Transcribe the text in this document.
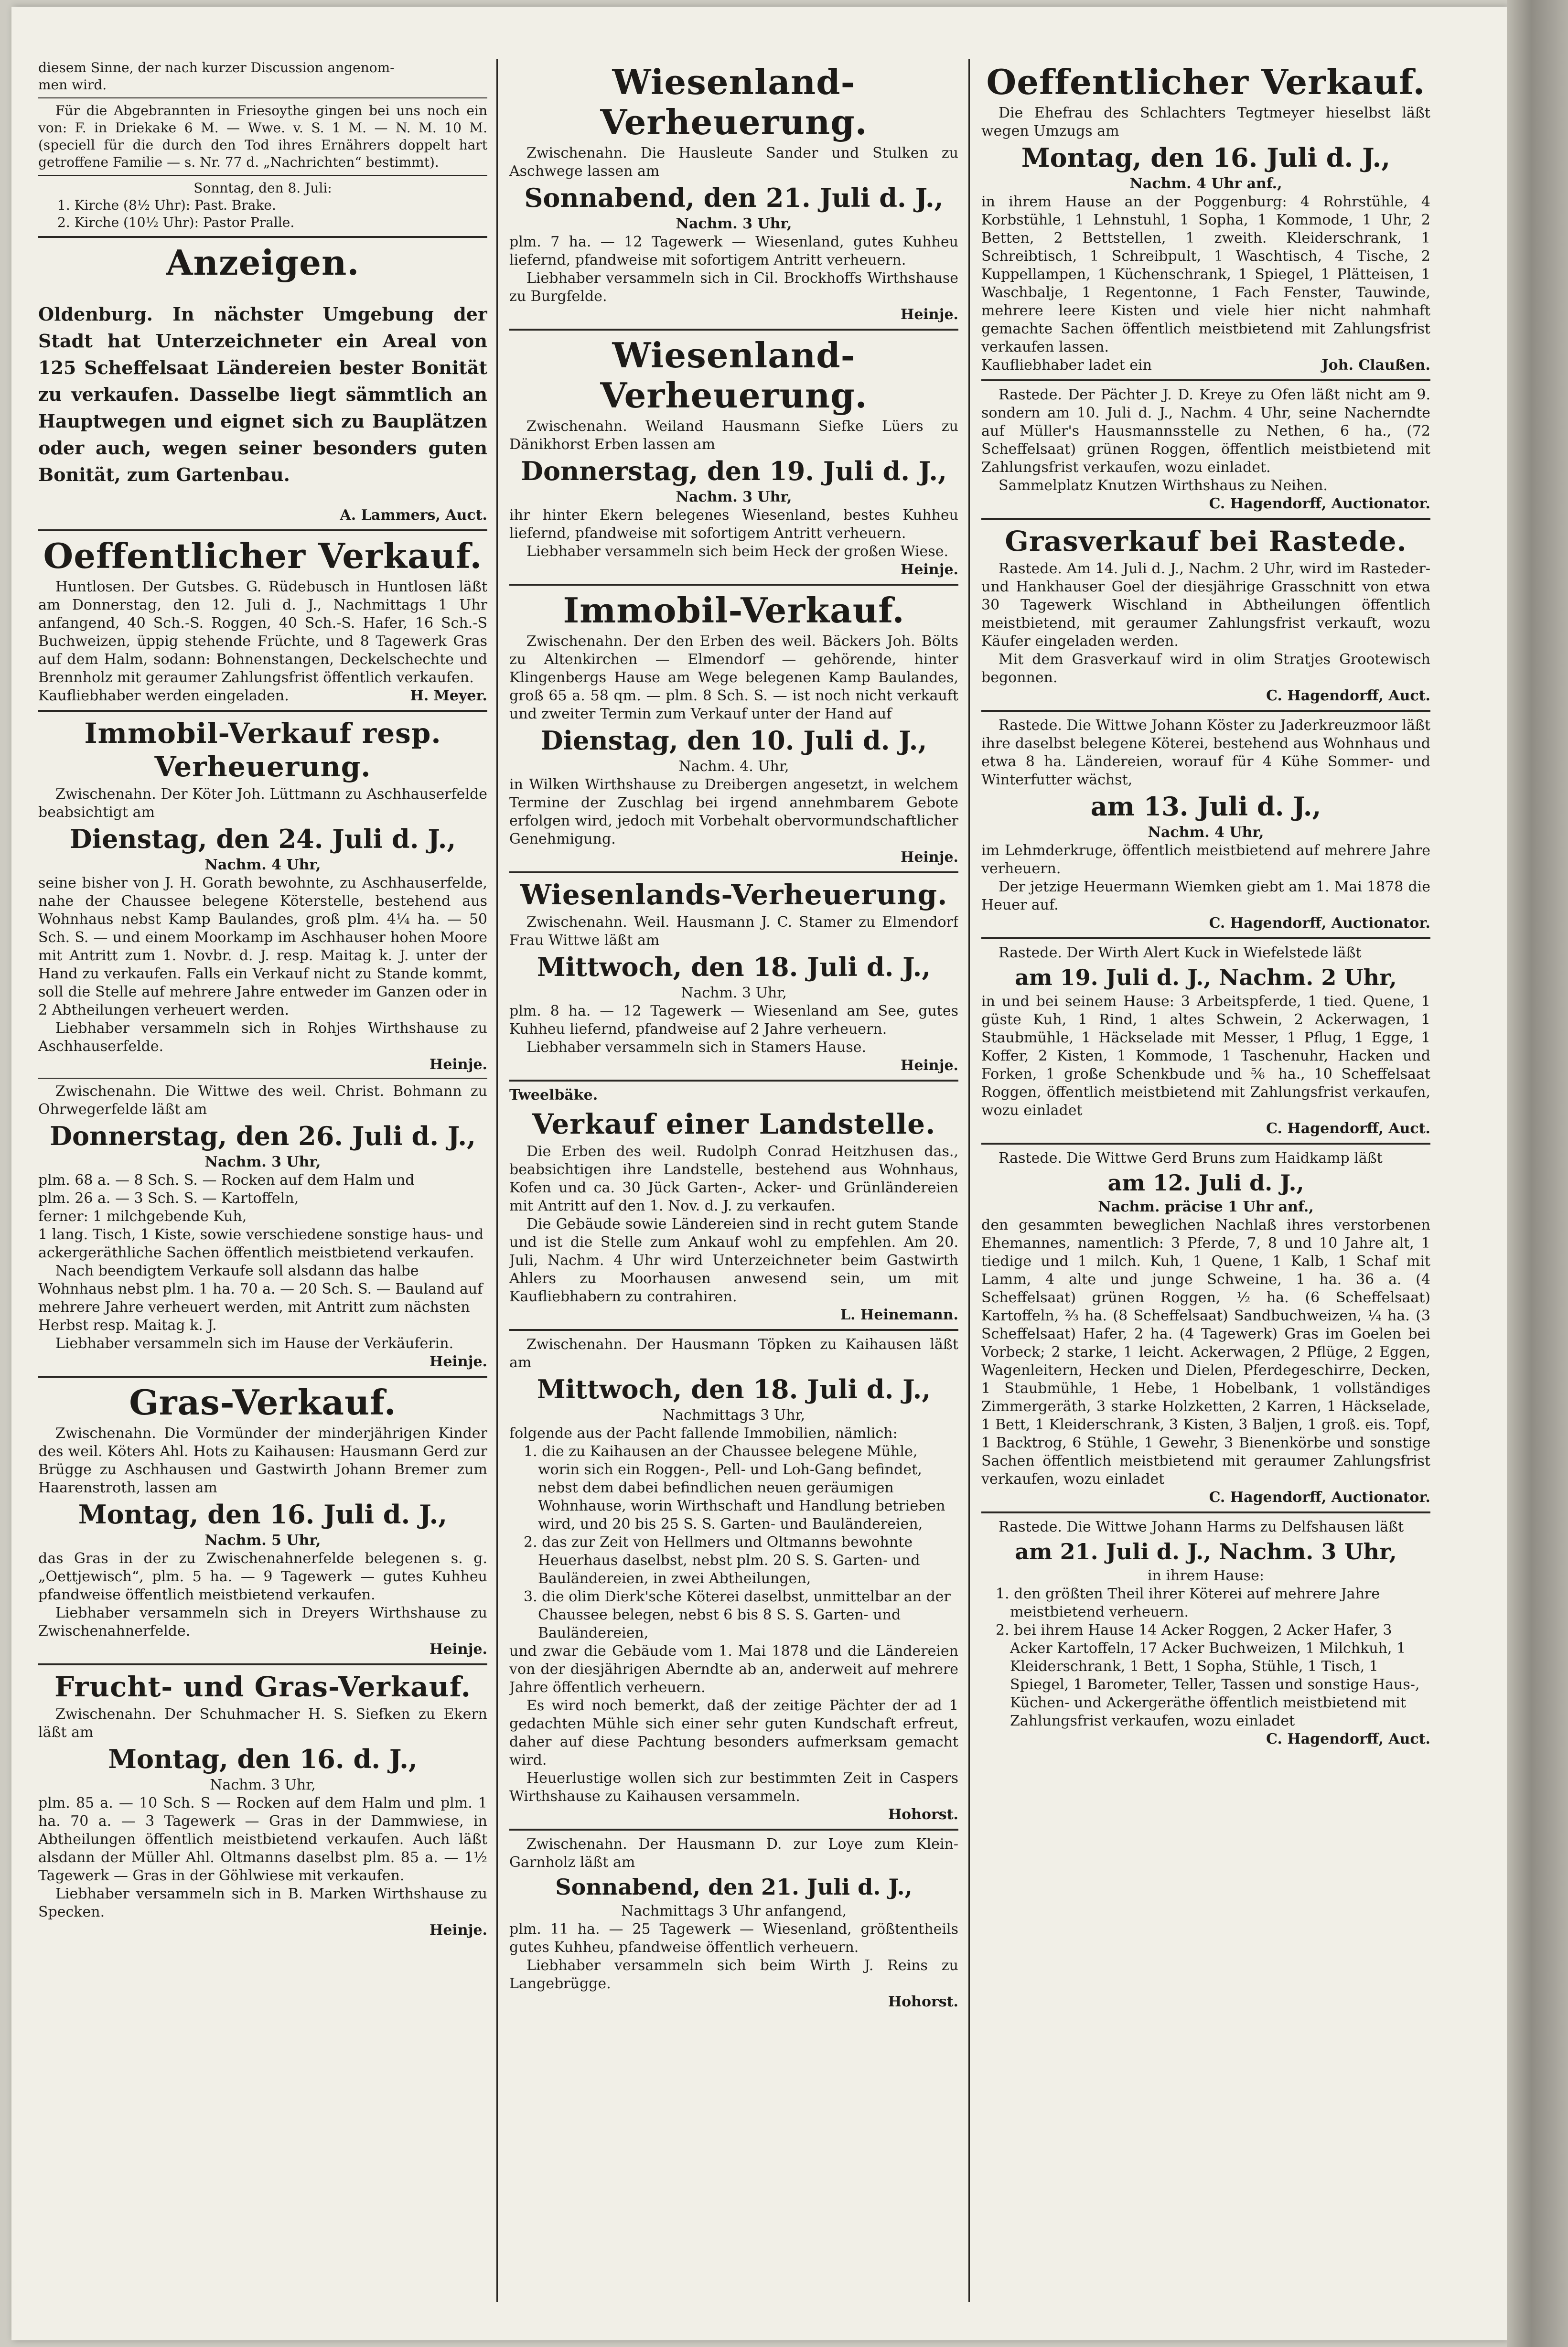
diesem Sinne, der nach kurzer Discussion angenom-
men wird.

Für die Abgebrannten in Friesoythe gingen bei uns noch ein von: F. in Driekake 6 M. — Wwe. v. S. 1 M. — N. M. 10 M. (speciell für die durch den Tod ihres Ernährers doppelt hart getroffene Familie — s. Nr. 77 d. „Nachrichten“ bestimmt).

Sonntag, den 8. Juli:
1. Kirche (8½ Uhr): Past. Brake.
2. Kirche (10½ Uhr): Pastor Pralle.
Anzeigen.

Oldenburg. In nächster Umgebung der Stadt hat Unterzeichneter ein Areal von 125 Scheffelsaat Ländereien bester Bonität zu verkaufen. Dasselbe liegt sämmtlich an Hauptwegen und eignet sich zu Bauplätzen oder auch, wegen seiner besonders guten Bonität, zum Gartenbau.

A. Lammers, Auct.
Oeffentlicher Verkauf.

Huntlosen. Der Gutsbes. G. Rüdebusch in Huntlosen läßt am Donnerstag, den 12. Juli d. J., Nachmittags 1 Uhr anfangend, 40 Sch.-S. Roggen, 40 Sch.-S. Hafer, 16 Sch.-S Buchweizen, üppig stehende Früchte, und 8 Tagewerk Gras auf dem Halm, sodann: Bohnenstangen, Deckelschechte und Brennholz mit geraumer Zahlungsfrist öffentlich verkaufen.

Kaufliebhaber werden eingeladen.	H. Meyer.
Immobil-Verkauf resp. Verheuerung.

Zwischenahn. Der Köter Joh. Lüttmann zu Aschhauserfelde beabsichtigt am

Dienstag, den 24. Juli d. J.,
Nachm. 4 Uhr,

seine bisher von J. H. Gorath bewohnte, zu Aschhauserfelde, nahe der Chaussee belegene Köterstelle, bestehend aus Wohnhaus nebst Kamp Baulandes, groß plm. 4¼ ha. — 50 Sch. S. — und einem Moorkamp im Aschhauser hohen Moore mit Antritt zum 1. Novbr. d. J. resp. Maitag k. J. unter der Hand zu verkaufen. Falls ein Verkauf nicht zu Stande kommt, soll die Stelle auf mehrere Jahre entweder im Ganzen oder in 2 Abtheilungen verheuert werden.

Liebhaber versammeln sich in Rohjes Wirthshause zu Aschhauserfelde.

Heinje.

Zwischenahn. Die Wittwe des weil. Christ. Bohmann zu Ohrwegerfelde läßt am

Donnerstag, den 26. Juli d. J.,
Nachm. 3 Uhr,
plm. 68 a. — 8 Sch. S. — Rocken auf dem Halm und
plm. 26 a. — 3 Sch. S. — Kartoffeln,
ferner: 1 milchgebende Kuh,
1 lang. Tisch, 1 Kiste, sowie verschiedene sonstige haus- und ackergeräthliche Sachen öffentlich meistbietend verkaufen.
Nach beendigtem Verkaufe soll alsdann das halbe Wohnhaus nebst plm. 1 ha. 70 a. — 20 Sch. S. — Bauland auf mehrere Jahre verheuert werden, mit Antritt zum nächsten Herbst resp. Maitag k. J.

Liebhaber versammeln sich im Hause der Verkäuferin.

Heinje.
Gras-Verkauf.

Zwischenahn. Die Vormünder der minderjährigen Kinder des weil. Köters Ahl. Hots zu Kaihausen: Hausmann Gerd zur Brügge zu Aschhausen und Gastwirth Johann Bremer zum Haarenstroth, lassen am

Montag, den 16. Juli d. J.,
Nachm. 5 Uhr,

das Gras in der zu Zwischenahnerfelde belegenen s. g. „Oettjewisch“, plm. 5 ha. — 9 Tagewerk — gutes Kuhheu pfandweise öffentlich meistbietend verkaufen.

Liebhaber versammeln sich in Dreyers Wirthshause zu Zwischenahnerfelde.

Heinje.
Frucht- und Gras-Verkauf.

Zwischenahn. Der Schuhmacher H. S. Siefken zu Ekern läßt am

Montag, den 16. d. J.,
Nachm. 3 Uhr,

plm. 85 a. — 10 Sch. S — Rocken auf dem Halm und plm. 1 ha. 70 a. — 3 Tagewerk — Gras in der Dammwiese, in Abtheilungen öffentlich meistbietend verkaufen. Auch läßt alsdann der Müller Ahl. Oltmanns daselbst plm. 85 a. — 1½ Tagewerk — Gras in der Göhlwiese mit verkaufen.

Liebhaber versammeln sich in B. Marken Wirthshause zu Specken.

Heinje.
Wiesenland-Verheuerung.

Zwischenahn. Die Hausleute Sander und Stulken zu Aschwege lassen am

Sonnabend, den 21. Juli d. J.,
Nachm. 3 Uhr,

plm. 7 ha. — 12 Tagewerk — Wiesenland, gutes Kuhheu liefernd, pfandweise mit sofortigem Antritt verheuern.

Liebhaber versammeln sich in Cil. Brockhoffs Wirthshause zu Burgfelde.

Heinje.
Wiesenland-Verheuerung.

Zwischenahn. Weiland Hausmann Siefke Lüers zu Dänikhorst Erben lassen am

Donnerstag, den 19. Juli d. J.,
Nachm. 3 Uhr,

ihr hinter Ekern belegenes Wiesenland, bestes Kuhheu liefernd, pfandweise mit sofortigem Antritt verheuern.

Liebhaber versammeln sich beim Heck der großen Wiese.

Heinje.
Immobil-Verkauf.

Zwischenahn. Der den Erben des weil. Bäckers Joh. Bölts zu Altenkirchen — Elmendorf — gehörende, hinter Klingenbergs Hause am Wege belegenen Kamp Baulandes, groß 65 a. 58 qm. — plm. 8 Sch. S. — ist noch nicht verkauft und zweiter Termin zum Verkauf unter der Hand auf

Dienstag, den 10. Juli d. J.,
Nachm. 4. Uhr,

in Wilken Wirthshause zu Dreibergen angesetzt, in welchem Termine der Zuschlag bei irgend annehmbarem Gebote erfolgen wird, jedoch mit Vorbehalt obervormundschaftlicher Genehmigung.

Heinje.
Wiesenlands-Verheuerung.

Zwischenahn. Weil. Hausmann J. C. Stamer zu Elmendorf Frau Wittwe läßt am

Mittwoch, den 18. Juli d. J.,
Nachm. 3 Uhr,

plm. 8 ha. — 12 Tagewerk — Wiesenland am See, gutes Kuhheu liefernd, pfandweise auf 2 Jahre verheuern.

Liebhaber versammeln sich in Stamers Hause.

Heinje.
Tweelbäke.
Verkauf einer Landstelle.

Die Erben des weil. Rudolph Conrad Heitzhusen das., beabsichtigen ihre Landstelle, bestehend aus Wohnhaus, Kofen und ca. 30 Jück Garten-, Acker- und Grünländereien mit Antritt auf den 1. Nov. d. J. zu verkaufen.

Die Gebäude sowie Ländereien sind in recht gutem Stande und ist die Stelle zum Ankauf wohl zu empfehlen. Am 20. Juli, Nachm. 4 Uhr wird Unterzeichneter beim Gastwirth Ahlers zu Moorhausen anwesend sein, um mit Kaufliebhabern zu contrahiren.

L. Heinemann.

Zwischenahn. Der Hausmann Töpken zu Kaihausen läßt am

Mittwoch, den 18. Juli d. J.,
Nachmittags 3 Uhr,

folgende aus der Pacht fallende Immobilien, nämlich:

1. die zu Kaihausen an der Chaussee belegene Mühle, worin sich ein Roggen-, Pell- und Loh-Gang befindet, nebst dem dabei befindlichen neuen geräumigen Wohnhause, worin Wirthschaft und Handlung betrieben wird, und 20 bis 25 S. S. Garten- und Bauländereien,
2. das zur Zeit von Hellmers und Oltmanns bewohnte Heuerhaus daselbst, nebst plm. 20 S. S. Garten- und Bauländereien, in zwei Abtheilungen,
3. die olim Dierk'sche Köterei daselbst, unmittelbar an der Chaussee belegen, nebst 6 bis 8 S. S. Garten- und Bauländereien,

und zwar die Gebäude vom 1. Mai 1878 und die Ländereien von der diesjährigen Aberndte ab an, anderweit auf mehrere Jahre öffentlich verheuern.

Es wird noch bemerkt, daß der zeitige Pächter der ad 1 gedachten Mühle sich einer sehr guten Kundschaft erfreut, daher auf diese Pachtung besonders aufmerksam gemacht wird.

Heuerlustige wollen sich zur bestimmten Zeit in Caspers Wirthshause zu Kaihausen versammeln.

Hohorst.

Zwischenahn. Der Hausmann D. zur Loye zum Klein-Garnholz läßt am

Sonnabend, den 21. Juli d. J.,
Nachmittags 3 Uhr anfangend,

plm. 11 ha. — 25 Tagewerk — Wiesenland, größtentheils gutes Kuhheu, pfandweise öffentlich verheuern.

Liebhaber versammeln sich beim Wirth J. Reins zu Langebrügge.

Hohorst.
Oeffentlicher Verkauf.

Die Ehefrau des Schlachters Tegtmeyer hieselbst läßt wegen Umzugs am

Montag, den 16. Juli d. J.,
Nachm. 4 Uhr anf.,

in ihrem Hause an der Poggenburg: 4 Rohrstühle, 4 Korbstühle, 1 Lehnstuhl, 1 Sopha, 1 Kommode, 1 Uhr, 2 Betten, 2 Bettstellen, 1 zweith. Kleiderschrank, 1 Schreibtisch, 1 Schreibpult, 1 Waschtisch, 4 Tische, 2 Kuppellampen, 1 Küchenschrank, 1 Spiegel, 1 Plätteisen, 1 Waschbalje, 1 Regentonne, 1 Fach Fenster, Tauwinde, mehrere leere Kisten und viele hier nicht nahmhaft gemachte Sachen öffentlich meistbietend mit Zahlungsfrist verkaufen lassen.

Kaufliebhaber ladet ein	Joh. Claußen.

Rastede. Der Pächter J. D. Kreye zu Ofen läßt nicht am 9. sondern am 10. Juli d. J., Nachm. 4 Uhr, seine Nacherndte auf Müller's Hausmannsstelle zu Nethen, 6 ha., (72 Scheffelsaat) grünen Roggen, öffentlich meistbietend mit Zahlungsfrist verkaufen, wozu einladet.

Sammelplatz Knutzen Wirthshaus zu Neihen.

C. Hagendorff, Auctionator.
Grasverkauf bei Rastede.

Rastede. Am 14. Juli d. J., Nachm. 2 Uhr, wird im Rasteder- und Hankhauser Goel der diesjährige Grasschnitt von etwa 30 Tagewerk Wischland in Abtheilungen öffentlich meistbietend, mit geraumer Zahlungsfrist verkauft, wozu Käufer eingeladen werden.

Mit dem Grasverkauf wird in olim Stratjes Grootewisch begonnen.

C. Hagendorff, Auct.

Rastede. Die Wittwe Johann Köster zu Jaderkreuzmoor läßt ihre daselbst belegene Köterei, bestehend aus Wohnhaus und etwa 8 ha. Ländereien, worauf für 4 Kühe Sommer- und Winterfutter wächst,

am 13. Juli d. J.,
Nachm. 4 Uhr,

im Lehmderkruge, öffentlich meistbietend auf mehrere Jahre verheuern.

Der jetzige Heuermann Wiemken giebt am 1. Mai 1878 die Heuer auf.

C. Hagendorff, Auctionator.

Rastede. Der Wirth Alert Kuck in Wiefelstede läßt

am 19. Juli d. J., Nachm. 2 Uhr,

in und bei seinem Hause: 3 Arbeitspferde, 1 tied. Quene, 1 güste Kuh, 1 Rind, 1 altes Schwein, 2 Ackerwagen, 1 Staubmühle, 1 Häckselade mit Messer, 1 Pflug, 1 Egge, 1 Koffer, 2 Kisten, 1 Kommode, 1 Taschenuhr, Hacken und Forken, 1 große Schenkbude und ⅚ ha., 10 Scheffelsaat Roggen, öffentlich meistbietend mit Zahlungsfrist verkaufen, wozu einladet

C. Hagendorff, Auct.

Rastede. Die Wittwe Gerd Bruns zum Haidkamp läßt

am 12. Juli d. J.,
Nachm. präcise 1 Uhr anf.,

den gesammten beweglichen Nachlaß ihres verstorbenen Ehemannes, namentlich: 3 Pferde, 7, 8 und 10 Jahre alt, 1 tiedige und 1 milch. Kuh, 1 Quene, 1 Kalb, 1 Schaf mit Lamm, 4 alte und junge Schweine, 1 ha. 36 a. (4 Scheffelsaat) grünen Roggen, ½ ha. (6 Scheffelsaat) Kartoffeln, ⅔ ha. (8 Scheffelsaat) Sandbuchweizen, ¼ ha. (3 Scheffelsaat) Hafer, 2 ha. (4 Tagewerk) Gras im Goelen bei Vorbeck; 2 starke, 1 leicht. Ackerwagen, 2 Pflüge, 2 Eggen, Wagenleitern, Hecken und Dielen, Pferdegeschirre, Decken, 1 Staubmühle, 1 Hebe, 1 Hobelbank, 1 vollständiges Zimmergeräth, 3 starke Holzketten, 2 Karren, 1 Häckselade, 1 Bett, 1 Kleiderschrank, 3 Kisten, 3 Baljen, 1 groß. eis. Topf, 1 Backtrog, 6 Stühle, 1 Gewehr, 3 Bienenkörbe und sonstige Sachen öffentlich meistbietend mit geraumer Zahlungsfrist verkaufen, wozu einladet

C. Hagendorff, Auctionator.

Rastede. Die Wittwe Johann Harms zu Delfshausen läßt

am 21. Juli d. J., Nachm. 3 Uhr,
in ihrem Hause:
1. den größten Theil ihrer Köterei auf mehrere Jahre meistbietend verheuern.
2. bei ihrem Hause 14 Acker Roggen, 2 Acker Hafer, 3 Acker Kartoffeln, 17 Acker Buchweizen, 1 Milchkuh, 1 Kleiderschrank, 1 Bett, 1 Sopha, Stühle, 1 Tisch, 1 Spiegel, 1 Barometer, Teller, Tassen und sonstige Haus-, Küchen- und Ackergeräthe öffentlich meistbietend mit Zahlungsfrist verkaufen, wozu einladet
C. Hagendorff, Auct.
